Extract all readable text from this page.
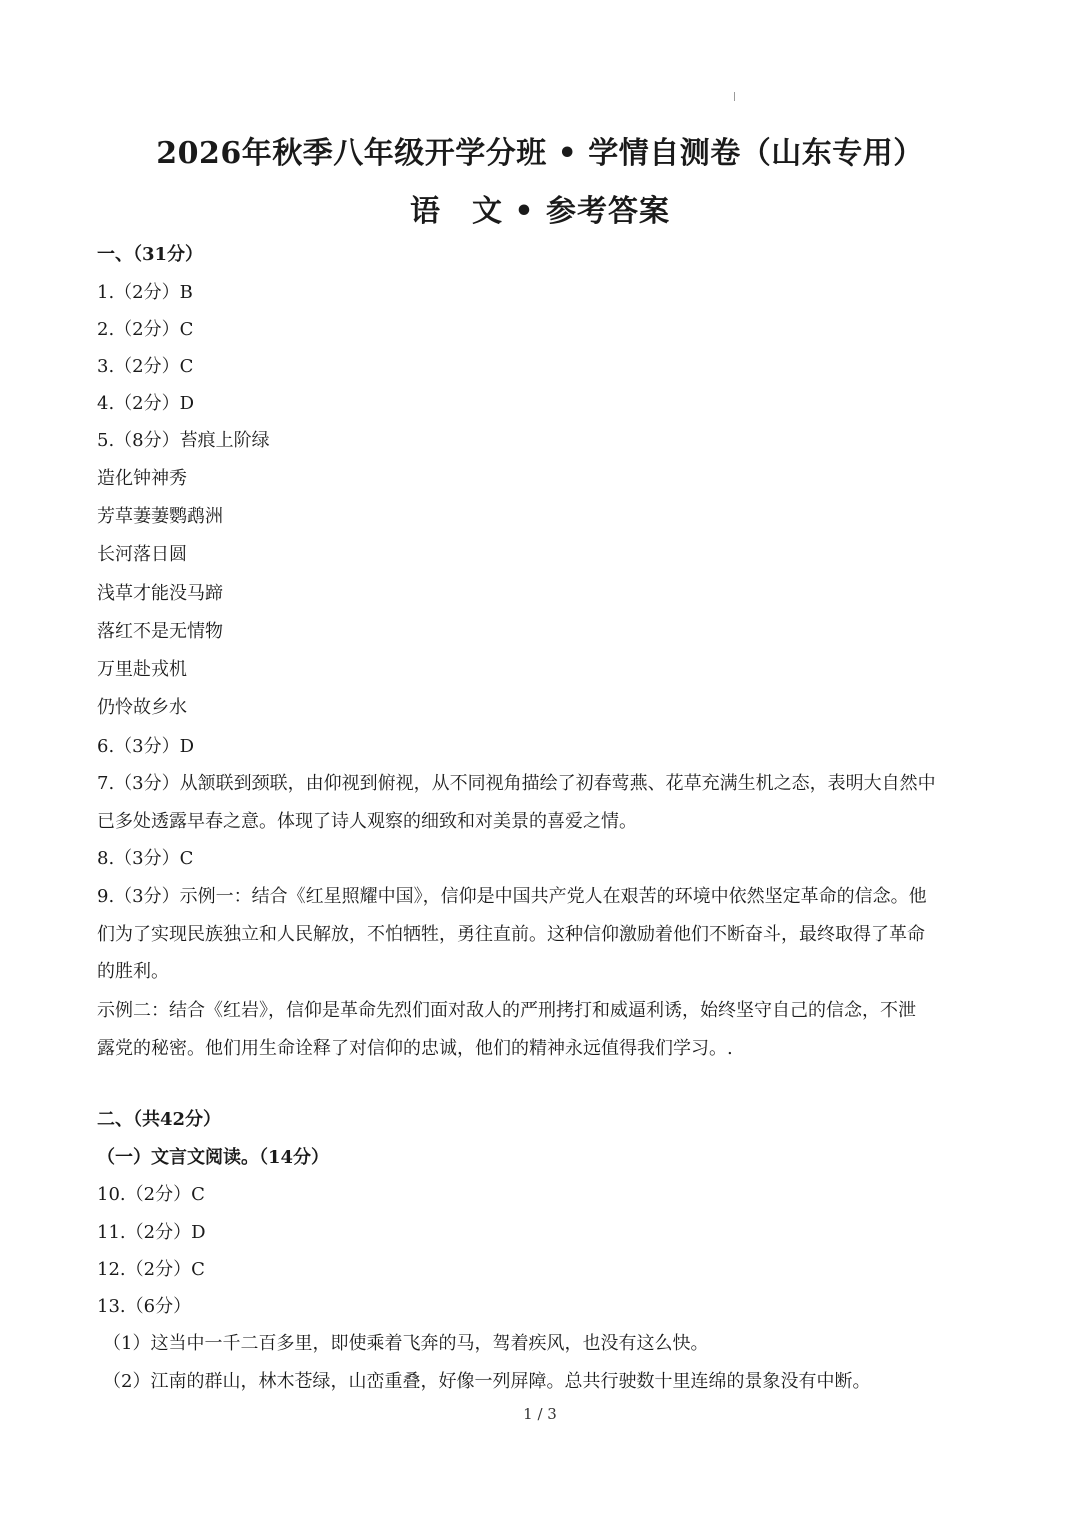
2026年秋季八年级开学分班 • 学情自测卷（山东专用）
语　文 • 参考答案
一、（31分）
1.（2分）B
2.（2分）C
3.（2分）C
4.（2分）D
5.（8分）苔痕上阶绿
造化钟神秀
芳草萋萋鹦鹉洲
长河落日圆
浅草才能没马蹄
落红不是无情物
万里赴戎机
仍怜故乡水
6.（3分）D
7.（3分）从颔联到颈联，由仰视到俯视，从不同视角描绘了初春莺燕、花草充满生机之态，表明大自然中
已多处透露早春之意。体现了诗人观察的细致和对美景的喜爱之情。
8.（3分）C
9.（3分）示例一：结合《红星照耀中国》，信仰是中国共产党人在艰苦的环境中依然坚定革命的信念。他
们为了实现民族独立和人民解放，不怕牺牲，勇往直前。这种信仰激励着他们不断奋斗，最终取得了革命
的胜利。
示例二：结合《红岩》，信仰是革命先烈们面对敌人的严刑拷打和威逼利诱，始终坚守自己的信念，不泄
露党的秘密。他们用生命诠释了对信仰的忠诚，他们的精神永远值得我们学习。.
二、（共42分）
（一）文言文阅读。（14分）
10.（2分）C
11.（2分）D
12.（2分）C
13.（6分）
（1）这当中一千二百多里，即使乘着飞奔的马，驾着疾风，也没有这么快。
（2）江南的群山，林木苍绿，山峦重叠，好像一列屏障。总共行驶数十里连绵的景象没有中断。
1 / 3
